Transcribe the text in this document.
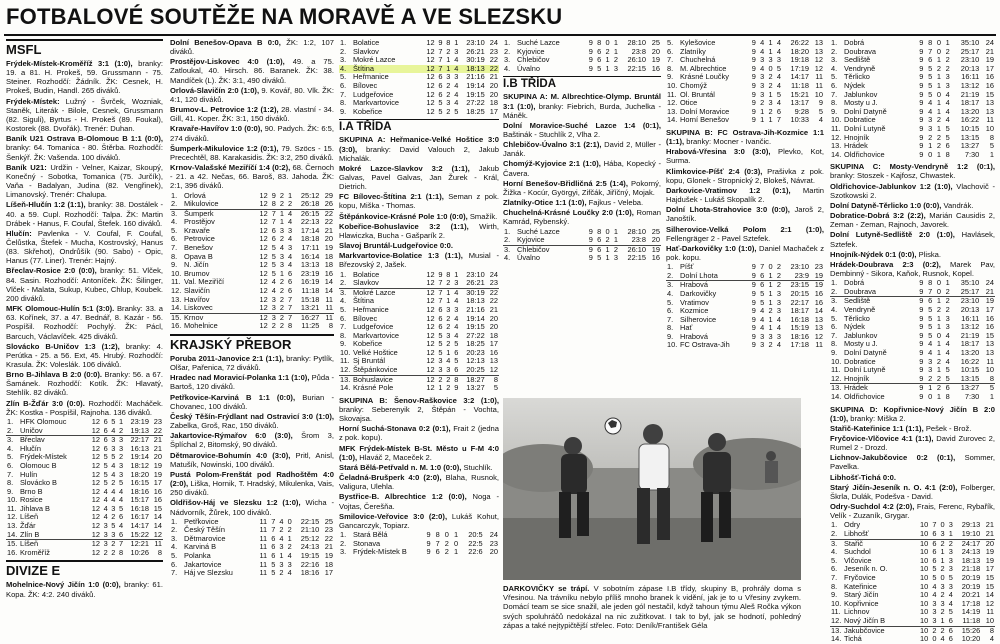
FOTBALOVÉ SOUTĚŽE NA MORAVĚ A VE SLEZSKU
MSFL

Frýdek-Místek-Kroměříž 3:1 (1:0), branky: 19. a 81. H. Prokeš, 59. Grussmann - 75. Steiner. Rozhodčí: Žádník. ŽK: Cesnek, H. Prokeš, Budin, Handl. 265 diváků.

Frýdek-Místek: Lužný - Švrček, Wozniak, Staněk, Literák - Bilole, Cesnek, Grussmann (82. Siguli), Byrtus - H. Prokeš (89. Foukal), Kostorek (88. Dvořák). Trenér: Duhan.

Baník U21 Ostrava B-Olomouc B 1:1 (0:0), branky: 64. Tomanica - 80. Štěrba. Rozhodčí: Šenkýř. ŽK: Vašenda. 100 diváků.

Baník U21: Urdžin - Velner, Kaizar, Skoupý, Konečný - Sobotka, Tomanica (75. Jurčík), Vaňa - Badalyan, Judina (82. Vengřinek), Limanovský. Trenér: Chalupa.

Líšeň-Hlučín 1:2 (1:1), branky: 38. Dostálek - 40. a 59. Cupl. Rozhodčí: Talpa. ŽK: Martin Drábek - Hanus, F. Coufal, Štefek. 160 diváků.

Hlučín: Pavlenka - V. Coufal, F. Coufal, Čelůstka, Štefek - Mucha, Kostrovský, Hanus (83. Skřehot), Ondrůšík (90. Sabo) - Opic, Hanus (77. Liner). Trenér: Hajný.

Břeclav-Rosice 2:0 (0:0), branky: 51. Vlček, 84. Sasin. Rozhodčí: Antoníček. ŽK: Šilinger, Vlček - Malata, Sukup, Kubec, Chlup, Koubek. 200 diváků.

MFK Olomouc-Hulín 5:1 (3:0). Branky: 33. a 63. Kořínek, 37. a 47. Bednář, 8. Kazár - 56. Pospíšil. Rozhodčí: Pochylý. ŽK: Pácl, Barcuch, Václavíček. 425 diváků.

Slovácko B-Uničov 1:3 (1:2), branky: 4. Perútka - 25. a 56. Ext, 45. Hrubý. Rozhodčí: Krasula. ŽK: Voleslák. 106 diváků.

Brno B-Jihlava B 2:0 (0:0). Branky: 56. a 67. Šamánek. Rozhodčí: Kotík. ŽK: Hlavatý, Stehlík. 82 diváků.

Zlín B-Žďár 3:0 (0:0). Rozhodčí: Macháček. ŽK: Kostka - Pospíšil, Rajnoha. 136 diváků.

1.	HFK Olomouc	12	6	5	1	23:19	23
2.	Uničov	12	6	4	2	19:13	22
3.	Břeclav	12	6	3	3	22:17	21
4.	Hlučín	12	6	3	3	16:13	21
5.	Frýdek-Místek	12	5	5	2	19:14	20
6.	Olomouc B	12	5	4	3	18:12	19
7.	Hulín	12	5	4	3	18:20	19
8.	Slovácko B	12	5	2	5	16:15	17
9.	Brno B	12	4	4	4	18:16	16
10.	Rosice	12	4	4	4	15:17	16
11.	Jihlava B	12	4	3	5	16:18	15
12.	Líšeň	12	4	2	6	16:17	14
13.	Žďár	12	3	5	4	14:17	14
14.	Zlín B	12	3	3	6	15:22	12
15.	Líšeň	12	3	2	7	12:21	11
16.	Kroměříž	12	2	2	8	10:26	8
DIVIZE E

Mohelnice-Nový Jičín 1:0 (0:0), branky: 61. Kopa. ŽK: 4:2. 240 diváků.

Dolní Benešov-Opava B 0:0, ŽK: 1:2, 107 diváků.

Prostějov-Liskovec 4:0 (1:0), 49. a 75. Zatloukal, 40. Hirsch. 86. Baranek. ŽK: 38. Mandíček (L). ŽK: 3:1, 490 diváků.

Orlová-Slavičín 2:0 (1:0), 9. Kovář, 80. Vlk. ŽK: 4:1, 120 diváků.

Brumov-L. Petrovice 1:2 (1:2), 28. vlastní - 34. Gill, 41. Koper. ŽK: 3:1, 150 diváků.

Kravaře-Havířov 1:0 (0:0), 90. Padych. ŽK: 6:5, 274 diváků.

Šumperk-Mikulovice 1:2 (0:1), 79. Szöcs - 15. Precechtěl, 88. Karakasidis. ŽK: 3:2, 250 diváků.

Krnov-Valašské Meziříčí 1:4 (0:2), 68. Černoch - 21. a 42. Nečas, 66. Baroš, 83. Jahoda. ŽK: 2:1, 396 diváků.

1.	Orlová	12	9	2	1	25:12	29
2.	Mikulovice	12	8	2	2	26:18	26
3.	Šumperk	12	7	1	4	26:15	22
4.	Prostějov	12	7	1	4	22:13	22
5.	Kravaře	12	6	3	3	17:14	21
6.	Petrovice	12	6	2	4	18:18	20
7.	Benešov	12	5	4	3	17:11	19
8.	Opava B	12	5	3	4	16:14	18
9.	N. Jičín	12	5	3	4	13:13	18
10.	Brumov	12	5	1	6	23:19	16
11.	Val. Meziříčí	12	4	2	6	16:19	14
12.	Slavičín	12	4	2	6	11:18	14
13.	Havířov	12	3	2	7	15:18	11
14.	Liskovec	12	3	2	7	13:21	11
15.	Krnov	12	3	2	7	16:27	11
16.	Mohelnice	12	2	2	8	11:25	8
KRAJSKÝ PŘEBOR

Poruba 2011-Janovice 2:1 (1:1), branky: Pytlík, Olšar, Pařenica, 72 diváků.

Hradec nad Moravicí-Polanka 1:1 (1:0), Půda - Bartoš, 120 diváků.

Petřkovice-Karviná B 1:1 (0:0), Burian - Chovanec, 100 diváků.

Český Těšín-Frýdlant nad Ostravicí 3:0 (1:0), Zabelka, Groš, Rac, 150 diváků.

Jakartovice-Rýmařov 6:0 (3:0), Šrom 3, Šplíchal 2, Bitomský, 90 diváků.

Dětmarovice-Bohumín 4:0 (3:0), Pritl, Anisl, Matušík, Nowinski, 100 diváků.

Pustá Polom-Frenštát pod Radhoštěm 4:0 (2:0), Liška, Hornik, T. Hradský, Mikulenka, Vais, 250 diváků.

Oldřišov-Háj ve Slezsku 1:2 (1:0), Wicha - Nádvorník, Žůrek, 100 diváků.

1.	Petřkovice	11	7	4	0	22:15	25
2.	Český Těšín	11	7	2	2	21:10	23
3.	Dětmarovice	11	6	4	1	25:12	22
4.	Karviná B	11	6	3	2	24:13	21
5.	Polanka	11	6	1	4	19:15	19
6.	Jakartovice	11	5	3	3	22:16	18
7.	Háj ve Slezsku	11	5	2	4	18:16	17
1.	Bolatice	12	9	8	1	23:10	24
2.	Slavkov	12	7	2	3	26:21	23
3.	Mokré Lazce	12	7	1	4	30:19	22
4.	Štítina	12	7	1	4	18:13	22
5.	Heřmanice	12	6	3	3	21:16	21
6.	Bílovec	12	6	2	4	19:14	20
7.	Ludgeřovice	12	6	2	4	19:15	20
8.	Markvartovice	12	5	3	4	27:22	18
9.	Kobeřice	12	5	2	5	18:25	17
I.A TŘÍDA

SKUPINA A: Heřmanice-Velké Hoštice 3:0 (3:0), branky: David Valouch 2, Jakub Michalák.

Mokré Lazce-Slavkov 3:2 (1:1), Jakub Galvas, Pavel Galvas, Jan Žurek - Král, Dietrich.

FC Bílovec-Štítina 2:1 (1:1), Seman z pok. kopu, Miška - Thomas.

Štěpánkovice-Krásné Pole 1:0 (0:0), Smažík.

Kobeřice-Bohuslavice 3:2 (1:1), Wirth, Hlawiczka, Bucha - Gašparík 2.

Slavoj Bruntál-Ludgeřovice 0:0.

Markvartovice-Bolatice 1:3 (1:1), Musial - Březovský 2, Jašek.

1.	Bolatice	12	9	8	1	23:10	24
2.	Slavkov	12	7	2	3	26:21	23
3.	Mokré Lazce	12	7	1	4	30:19	22
4.	Štítina	12	7	1	4	18:13	22
5.	Heřmanice	12	6	3	3	21:16	21
6.	Bílovec	12	6	2	4	19:14	20
7.	Ludgeřovice	12	6	2	4	19:15	20
8.	Markvartovice	12	5	3	4	27:22	18
9.	Kobeřice	12	5	2	5	18:25	17
10.	Velké Hoštice	12	5	1	6	20:23	16
11.	Sj Bruntál	12	3	4	5	12:13	13
12.	Štěpánkovice	12	3	3	6	20:25	12
13.	Bohuslavice	12	2	2	8	18:27	8
14.	Krásné Pole	12	1	2	9	13:27	5

SKUPINA B: Šenov-Raškovice 3:2 (1:0), branky: Seberenyik 2, Štěpán - Vochta, Skovajsa.

Horní Suchá-Stonava 0:2 (0:1), Frait 2 (jedna z pok. kopu).

MFK Frýdek-Místek B-St. Město u F-M 4:0 (1:0), Hlaváč 2, Maceček 2.

Stará Bělá-Petřvald n. M. 1:0 (0:0), Stuchlík.

Čeladná-Brušperk 4:0 (2:0), Blaha, Rusnok, Valigura, Ulehla.

Bystřice-B. Albrechtice 1:2 (0:0), Noga - Vojtas, Čerešňa.

Smilovice-Veřovice 3:0 (2:0), Lukáš Kohut, Gancarczyk, Topiarz.

1.	Stará Bělá	9	8	0	1	20:5	24
2.	Stonava	9	7	2	0	22:5	23
3.	Frýdek-Místek B	9	6	2	1	22:6	20
1.	Suché Lazce	9	8	0	1	28:10	25
2.	Kyjovice	9	6	2	1	23:8	20
3.	Chlebičov	9	6	1	2	26:10	19
4.	Úvalno	9	5	1	3	22:15	16
I.B TŘÍDA

SKUPINA A: M. Albrechtice-Olymp. Bruntál 3:1 (1:0), branky: Fiebrich, Burda, Juchelka - Máněk.

Dolní Moravice-Suché Lazce 1:4 (0:1), Baštinák - Stuchlík 2, Vlha 2.

Chlebičov-Úvalno 3:1 (2:1), David 2, Müller - Janák.

Chomýž-Kyjovice 2:1 (1:0), Hába, Kopecký - Čavera.

Horní Benešov-Břidličná 2:5 (1:4), Pokorný, Žižka - Kocúr, Györgyi, Zifčák, Jiříčný, Mojak.

Zlatníky-Otice 1:1 (1:0), Fajkus - Veleba.

Chuchelná-Krásné Loučky 2:0 (1:0), Roman Kamrád, Rybenský.

1.	Suché Lazce	9	8	0	1	28:10	25
2.	Kyjovice	9	6	2	1	23:8	20
3.	Chlebičov	9	6	1	2	26:10	19
4.	Úvalno	9	5	1	3	22:15	16
5.	Kylešovice	9	4	1	4	26:22	13
6.	Zlatníky	9	4	1	4	18:20	13
7.	Chuchelná	9	3	3	3	19:18	12
8.	M. Albrechtice	9	4	0	5	17:19	12
9.	Krásné Loučky	9	3	2	4	14:17	11
10.	Chomýž	9	3	2	4	11:18	11
11.	Ol. Bruntál	9	3	1	5	15:21	10
12.	Otice	9	2	3	4	13:17	9
13.	Dolní Moravice	9	1	2	6	9:28	5
14.	Horní Benešov	9	1	1	7	10:33	4

SKUPINA B: FC Ostrava-Jih-Kozmice 1:1 (1:1), branky: Mocner - Ivančic.

Hrabová-Vřesina 3:0 (3:0), Plevko, Kot, Surma.

Klimkovice-Píšť 2:4 (0:3), Prašivka z pok. kopu, Glonek - Stropnický 2, Blokeš, Návrat.

Darkovice-Vratimov 1:2 (0:1), Martin Hajdušek - Lukáš Skopalík 2.

Dolní Lhota-Strahovice 3:0 (0:0), Jaroš 2, Janoštík.

Silherovice-Velká Polom 2:1 (1:0), Fellengräger 2 - Pavel Sztefek.

Hať-Darkovičky 1:0 (1:0), Daniel Machaček z pok. kopu.

1.	Píšť	9	7	0	2	23:10	23
2.	Dolní Lhota	9	6	1	2	23:9	19
3.	Hrabová	9	6	1	2	23:15	19
4.	Darkovičky	9	5	1	3	20:15	16
5.	Vratimov	9	5	1	3	22:17	16
6.	Kozmice	9	4	2	3	18:17	14
7.	Silherovice	9	4	1	4	16:18	13
8.	Hať	9	4	1	4	15:19	13
9.	Hrabová	9	3	3	3	18:16	12
10.	FC Ostrava-Jih	9	3	2	4	17:18	11
1.	Dobrá	9	8	0	1	35:10	24
2.	Doubrava	9	7	0	2	25:17	21
3.	Sedliště	9	6	1	2	23:10	19
4.	Vendryně	9	5	2	2	20:13	17
5.	Těrlicko	9	5	1	3	16:11	16
6.	Nýdek	9	5	1	3	13:12	16
7.	Jablunkov	9	5	0	4	21:19	15
8.	Mosty u J.	9	4	1	4	18:17	13
9.	Dolní Datyně	9	4	1	4	13:20	13
10.	Dobratice	9	3	2	4	16:22	11
11.	Dolní Lutyně	9	3	1	5	10:15	10
12.	Hnojník	9	2	2	5	13:15	8
13.	Hrádek	9	1	2	6	13:27	5
14.	Oldřichovice	9	0	1	8	7:30	1

SKUPINA C: Mosty-Vendryně 1:2 (0:1), branky: Stoszek - Kajfosz, Chwastek.

Oldřichovice-Jablunkov 1:2 (1:0), Vlachovič - Szotkowski 2.

Dolní Datyně-Těrlicko 1:0 (0:0), Vandrák.

Dobratice-Dobrá 3:2 (2:2), Marián Causidis 2, Zeman - Zeman, Rajnoch, Javorek.

Dolní Lutyně-Sedliště 2:0 (1:0), Havlásek, Sztefek.

Hnojník-Nýdek 0:1 (0:0), Pliska.

Hrádek-Doubrava 2:3 (0:2), Marek Pav, Dembinný - Sikora, Kaňok, Rusnok, Kopel.

1.	Dobrá	9	8	0	1	35:10	24
2.	Doubrava	9	7	0	2	25:17	21
3.	Sedliště	9	6	1	2	23:10	19
4.	Vendryně	9	5	2	2	20:13	17
5.	Těrlicko	9	5	1	3	16:11	16
6.	Nýdek	9	5	1	3	13:12	16
7.	Jablunkov	9	5	0	4	21:19	15
8.	Mosty u J.	9	4	1	4	18:17	13
9.	Dolní Datyně	9	4	1	4	13:20	13
10.	Dobratice	9	3	2	4	16:22	11
11.	Dolní Lutyně	9	3	1	5	10:15	10
12.	Hnojník	9	2	2	5	13:15	8
13.	Hrádek	9	1	2	6	13:27	5
14.	Oldřichovice	9	0	1	8	7:30	1

SKUPINA D: Kopřivnice-Nový Jičín B 2:0 (1:0), branky: Miška 2.

Stařič-Kateřinice 1:1 (1:1), Pešek - Brož.

Fryčovice-Vlčovice 4:1 (1:1), David Zurovec 2, Rumel 2 - Drozd.

Lichnov-Jakubčovice 0:2 (0:1), Sommer, Pavelka.

Libhošť-Tichá 0:0.

Starý Jičín-Jeseník n. O. 4:1 (2:0), Folberger, Škrla, Dulák, Podešva - David.

Odry-Suchdol 4:2 (2:0), Frais, Ferenc, Rybařík, Velík - Zuzaník, Grygar.

1.	Odry	10	7	0	3	29:13	21
2.	Libhošť	10	6	3	1	19:10	21
3.	Stařič	10	6	2	2	24:17	20
4.	Suchdol	10	6	1	3	24:13	19
5.	Vlčovice	10	6	1	3	18:13	19
6.	Jeseník n. O.	10	5	2	3	21:18	17
7.	Fryčovice	10	5	0	5	20:19	15
8.	Kateřinice	10	4	3	3	20:19	15
9.	Starý Jičín	10	4	2	4	20:21	14
10.	Kopřivnice	10	3	3	4	17:18	12
11.	Lichnov	10	3	2	5	14:19	11
12.	Nový Jičín B	10	3	1	6	11:18	10
13.	Jakubčovice	10	2	2	6	15:26	8
14.	Tichá	10	0	4	6	10:20	4
DARKOVIČKY se trápí. V sobotním zápase I.B třídy, skupiny B, prohrály doma s Vřesinou. Na trávníku nebylo příliš mnoho branek k vidění, jak je to u Vřesiny zvykem. Domácí team se sice snažil, ale jeden gól nestačil, když tahoun týmu Aleš Ročka výkon svých spoluhráčů nedokázal na nic zužitkovat. I tak to byl, jak se hodnotí, pohledný zápas a také nejtypičtější střelec. Foto: Deník/František Géla
